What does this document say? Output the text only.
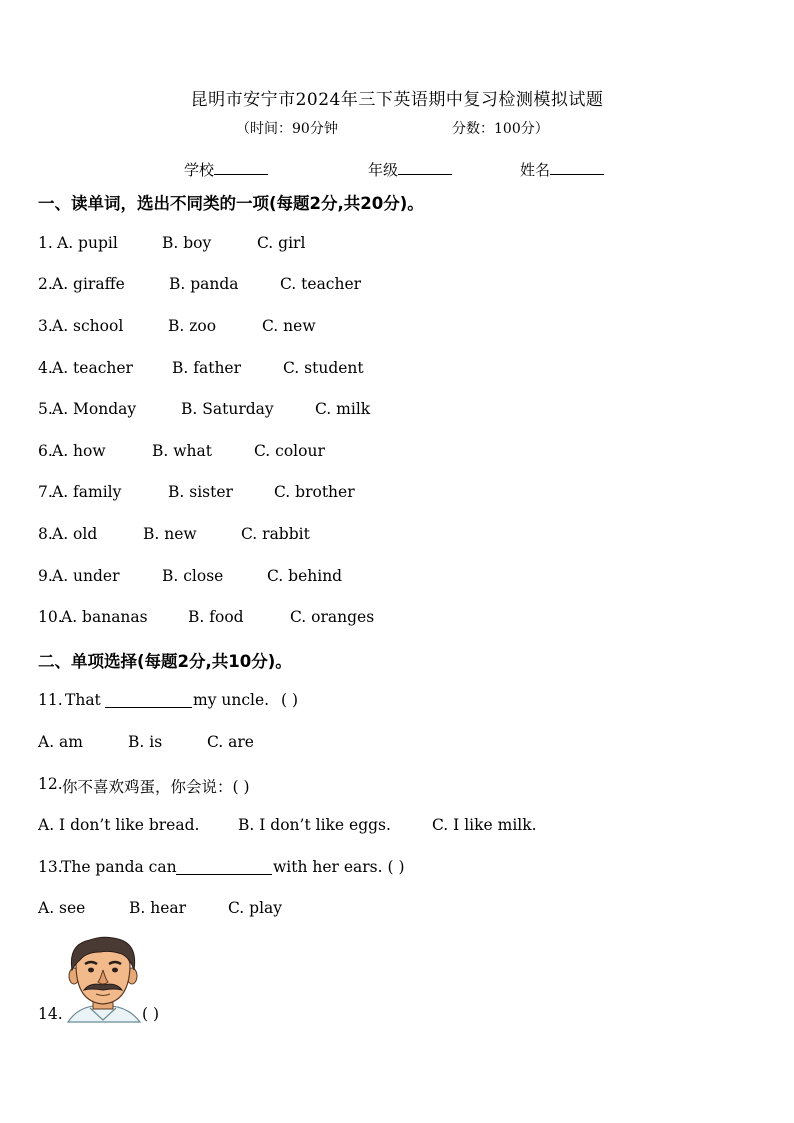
昆明市安宁市2024年三下英语期中复习检测模拟试题
（时间：90分钟	分数：100分）
学校	年级	姓名
一、读单词，选出不同类的一项(每题2分,共20分)。
1. A. pupil	B. boy	C. girl
2. A. giraffe	B. panda	C. teacher
3. A. school	B. zoo	C. new
4. A. teacher	B. father	C. student
5. A. Monday	B. Saturday	C. milk
6. A. how	B. what	C. colour
7. A. family	B. sister	C. brother
8. A. old	B. new	C. rabbit
9. A. under	B. close	C. behind
10.
A. bananas	B. food	C. oranges
二、单项选择(每题2分,共10分)。
11. That	my uncle. ( )
A. am	B. is	C. are
12. 你不喜欢鸡蛋，你会说：( )
A. I don’t like bread. B. I don’t like eggs.	C. I like milk.
13.
The panda can	with her ears. ( )
A. see	B. hear	C. play
14.	( )
